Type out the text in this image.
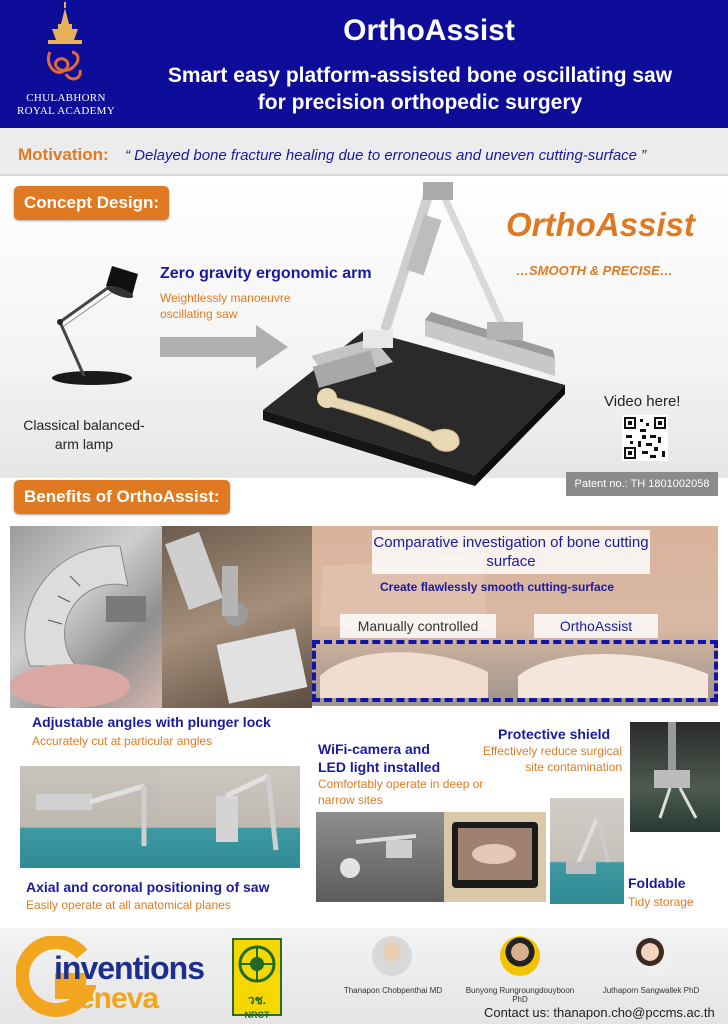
CHULABHORN
ROYAL ACADEMY
OrthoAssist
Smart easy platform-assisted bone oscillating saw
for precision orthopedic surgery
Motivation: “ Delayed bone fracture healing due to erroneous and uneven cutting-surface ”
Concept Design:
OrthoAssist
…SMOOTH & PRECISE…
Zero gravity ergonomic arm
Weightlessly manoeuvre oscillating saw
Classical balanced-arm lamp
Video here!
Patent no.: TH 1801002058
Benefits of OrthoAssist:
Comparative investigation of bone cutting surface
Create flawlessly smooth cutting-surface
Manually controlled	OrthoAssist
Adjustable angles with plunger lock
Accurately cut at particular angles	WiFi-camera and
LED light installed
Comfortably operate in deep or narrow sites
Protective shield
Effectively reduce surgical site contamination
Axial and coronal positioning of saw
Easily operate at all anatomical planes
Foldable
Tidy storage
inventions
eneva	วช.
NRCT
Thanapon Chobpenthai MD	Bunyong Rungroungdouyboon PhD
Juthaporn Sangwallek PhD
Contact us: thanapon.cho@pccms.ac.th
